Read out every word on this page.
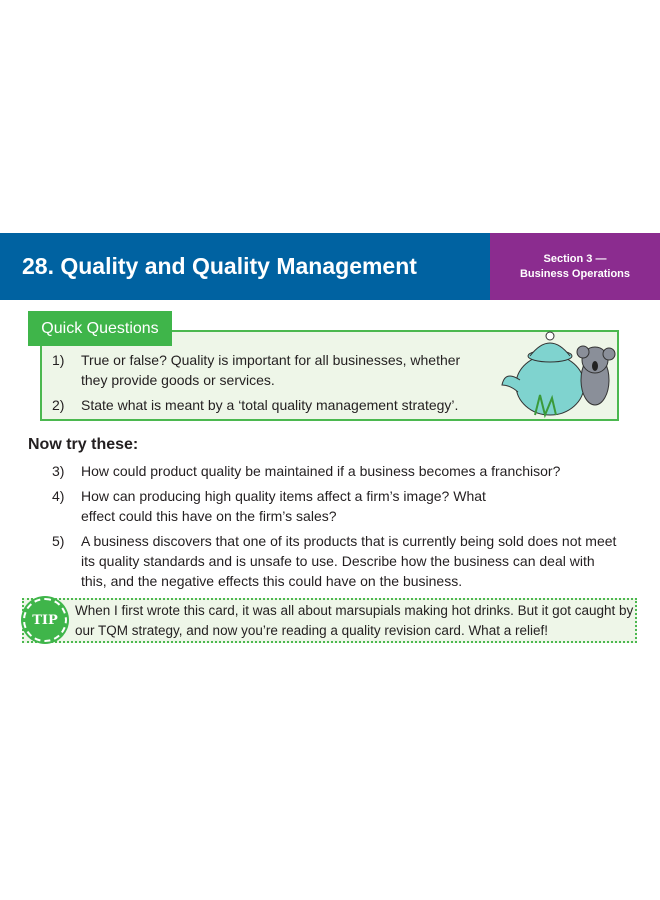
28. Quality and Quality Management	Section 3 —
Business Operations
Quick Questions
1) True or false? Quality is important for all businesses, whether they provide goods or services.
2) State what is meant by a ‘total quality management strategy’.
Now try these:
3) How could product quality be maintained if a business becomes a franchisor?
4) How can producing high quality items affect a firm’s image? What effect could this have on the firm’s sales?
5) A business discovers that one of its products that is currently being sold does not meet its quality standards and is unsafe to use. Describe how the business can deal with this, and the negative effects this could have on the business.
TIP
When I first wrote this card, it was all about marsupials making hot drinks. But it got caught by our TQM strategy, and now you’re reading a quality revision card. What a relief!
